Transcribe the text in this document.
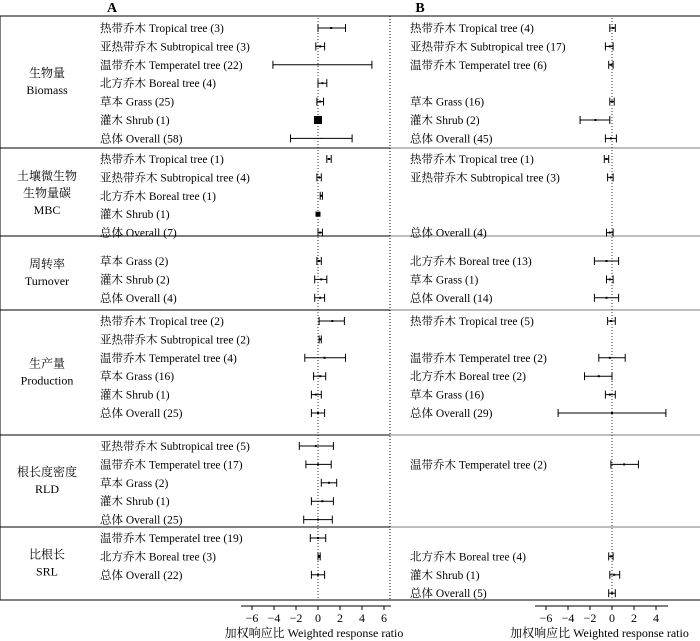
A	B
生物量
Biomass
土壤微生物
生物量碳
MBC
周转率
Turnover
生产量
Production
根长度密度
RLD
比根长
SRL
热带乔木 Tropical tree (3)
亚热带乔木 Subtropical tree (3)
温带乔木 Temperatel tree (22)
北方乔木 Boreal tree (4)
草本 Grass (25)
灌木 Shrub (1)
总体 Overall (58)
热带乔木 Tropical tree (1)
亚热带乔木 Subtropical tree (4)
北方乔木 Boreal tree (1)
灌木 Shrub (1)
总体 Overall (7)
草本 Grass (2)
灌木 Shrub (2)
总体 Overall (4)
热带乔木 Tropical tree (2)
亚热带乔木 Subtropical tree (2)
温带乔木 Temperatel tree (4)
草本 Grass (16)
灌木 Shrub (1)
总体 Overall (25)
亚热带乔木 Subtropical tree (5)
温带乔木 Temperatel tree (17)
草本 Grass (2)
灌木 Shrub (1)
总体 Overall (25)
温带乔木 Temperatel tree (19)
北方乔木 Boreal tree (3)
总体 Overall (22)
热带乔木 Tropical tree (4)
亚热带乔木 Subtropical tree (17)
温带乔木 Temperatel tree (6)
草本 Grass (16)
灌木 Shrub (2)
总体 Overall (45)
热带乔木 Tropical tree (1)
亚热带乔木 Subtropical tree (3)
总体 Overall (4)
北方乔木 Boreal tree (13)
草本 Grass (1)
总体 Overall (14)
热带乔木 Tropical tree (5)
温带乔木 Temperatel tree (2)
北方乔木 Boreal tree (2)
草本 Grass (16)
总体 Overall (29)
温带乔木 Temperatel tree (2)
北方乔木 Boreal tree (4)
灌木 Shrub (1)
总体 Overall (5)
−6 −4 −2 0 2 4 6
加权响应比 Weighted response ratio
−6 −4 −2 0 2 4
加权响应比 Weighted response ratio
